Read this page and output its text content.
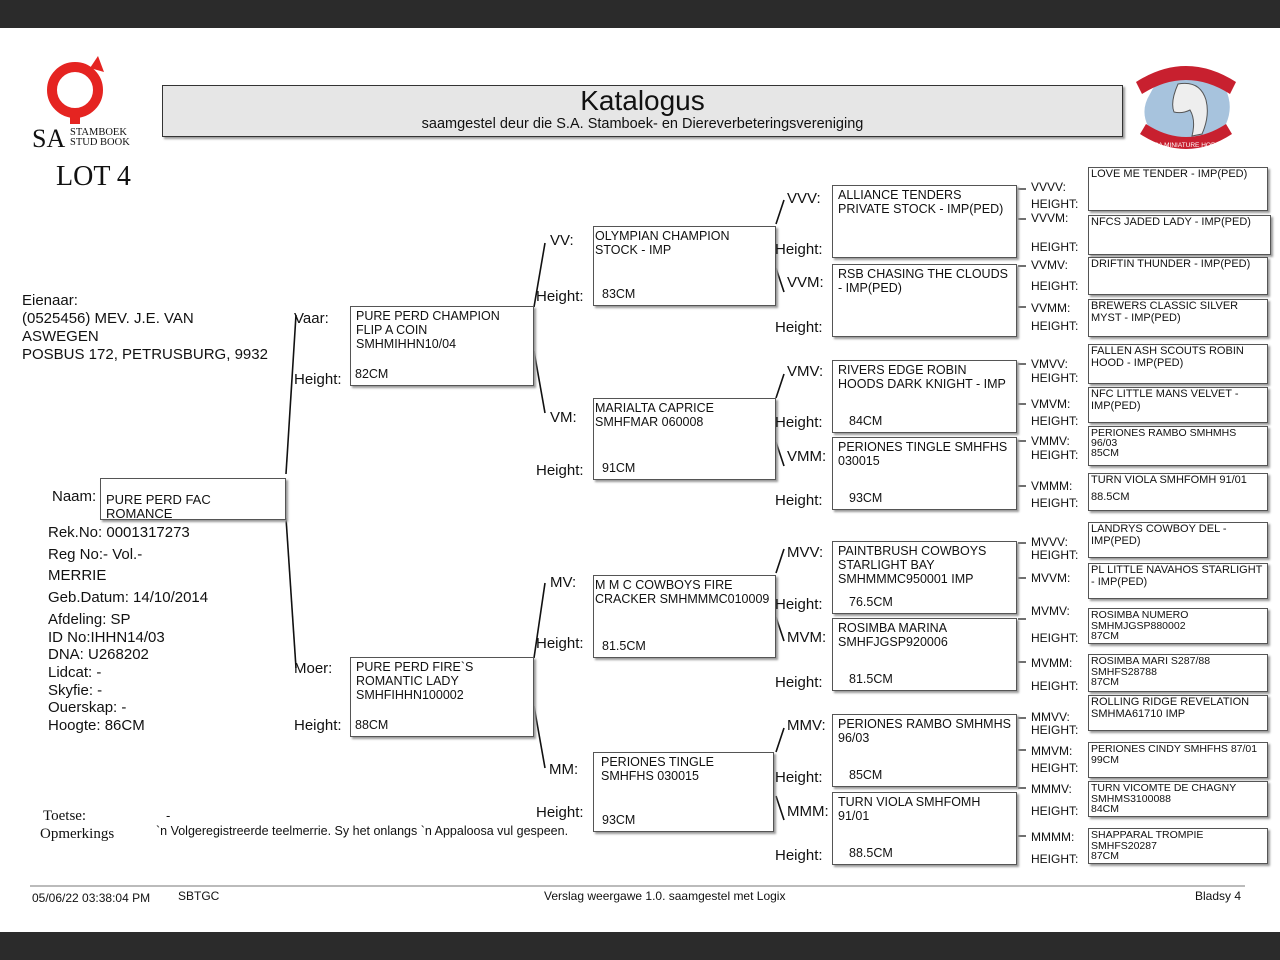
SA STAMBOEK
STUD BOOK
LOT 4
Katalogus
saamgestel deur die S.A. Stamboek- en Diereverbeteringsvereniging
SA MINIATUUR PERD
SA MINIATURE HORSE
Eienaar:
(0525456) MEV. J.E. VAN
ASWEGEN
POSBUS 172, PETRUSBURG, 9932
Naam: PURE PERD FAC ROMANCE
Rek.No: 0001317273
Reg No:- Vol.-
MERRIE
Geb.Datum: 14/10/2014
Afdeling: SP
ID No:IHHN14/03
DNA: U268202
Lidcat: -
Skyfie: -
Ouerskap: -
Hoogte: 86CM
Vaar: PURE PERD CHAMPION FLIP A COIN SMHMIHHN10/04
82CM
Height:
Moer: PURE PERD FIRE`S ROMANTIC LADY SMHFIHHN100002
88CM
Height:
VV: OLYMPIAN CHAMPION STOCK - IMP
83CM
Height:
VM:
MARIALTA CAPRICE SMHFMAR 060008
91CM
Height:
MV: M M C COWBOYS FIRE CRACKER SMHMMMC010009
81.5CM
Height:
MM: PERIONES TINGLE SMHFHS 030015
93CM
Height:
VVV: ALLIANCE TENDERS PRIVATE STOCK - IMP(PED)
Height:
VVM: RSB CHASING THE CLOUDS - IMP(PED)
Height:
VMV: RIVERS EDGE ROBIN HOODS DARK KNIGHT - IMP
84CM
Height:
VMM:
PERIONES TINGLE SMHFHS 030015
93CM
Height:
MVV: PAINTBRUSH COWBOYS STARLIGHT BAY SMHMMMC950001 IMP
76.5CM
Height:
MVM:
ROSIMBA MARINA SMHFJGSP920006
81.5CM
Height:
MMV: PERIONES RAMBO SMHMHS 96/03
85CM
Height:
MMM:
TURN VIOLA SMHFOMH 91/01
88.5CM
Height:
VVVV:
HEIGHT:
VVVM:
HEIGHT:
VVMV:
HEIGHT:
VVMM:
HEIGHT:
VMVV:
HEIGHT:
VMVM:
HEIGHT:
VMMV:
HEIGHT:
VMMM:
HEIGHT:
MVVV:
HEIGHT:
MVVM:
MVMV:
HEIGHT:
MVMM:
HEIGHT:
MMVV:
HEIGHT:
MMVM:
HEIGHT:
MMMV:
HEIGHT:
MMMM:
HEIGHT:
LOVE ME TENDER - IMP(PED)
NFCS JADED LADY - IMP(PED)
DRIFTIN THUNDER - IMP(PED)
BREWERS CLASSIC SILVER MYST - IMP(PED)
FALLEN ASH SCOUTS ROBIN HOOD - IMP(PED)
NFC LITTLE MANS VELVET - IMP(PED)
PERIONES RAMBO SMHMHS 96/03
85CM
TURN VIOLA SMHFOMH 91/01
88.5CM
LANDRYS COWBOY DEL - IMP(PED)
PL LITTLE NAVAHOS STARLIGHT - IMP(PED)
ROSIMBA NUMERO SMHMJGSP880002
87CM
ROSIMBA MARI S287/88 SMHFS28788
87CM
ROLLING RIDGE REVELATION SMHMA61710 IMP
PERIONES CINDY SMHFHS 87/01
99CM
TURN VICOMTE DE CHAGNY SMHMS3100088
84CM
SHAPPARAL TROMPIE SMHFS20287
87CM
Toetse:	-
Opmerkings	`n Volgeregistreerde teelmerrie. Sy het onlangs `n Appaloosa vul gespeen.
05/06/22 03:38:04 PM SBTGC	Verslag weergawe 1.0. saamgestel met Logix	Bladsy 4
